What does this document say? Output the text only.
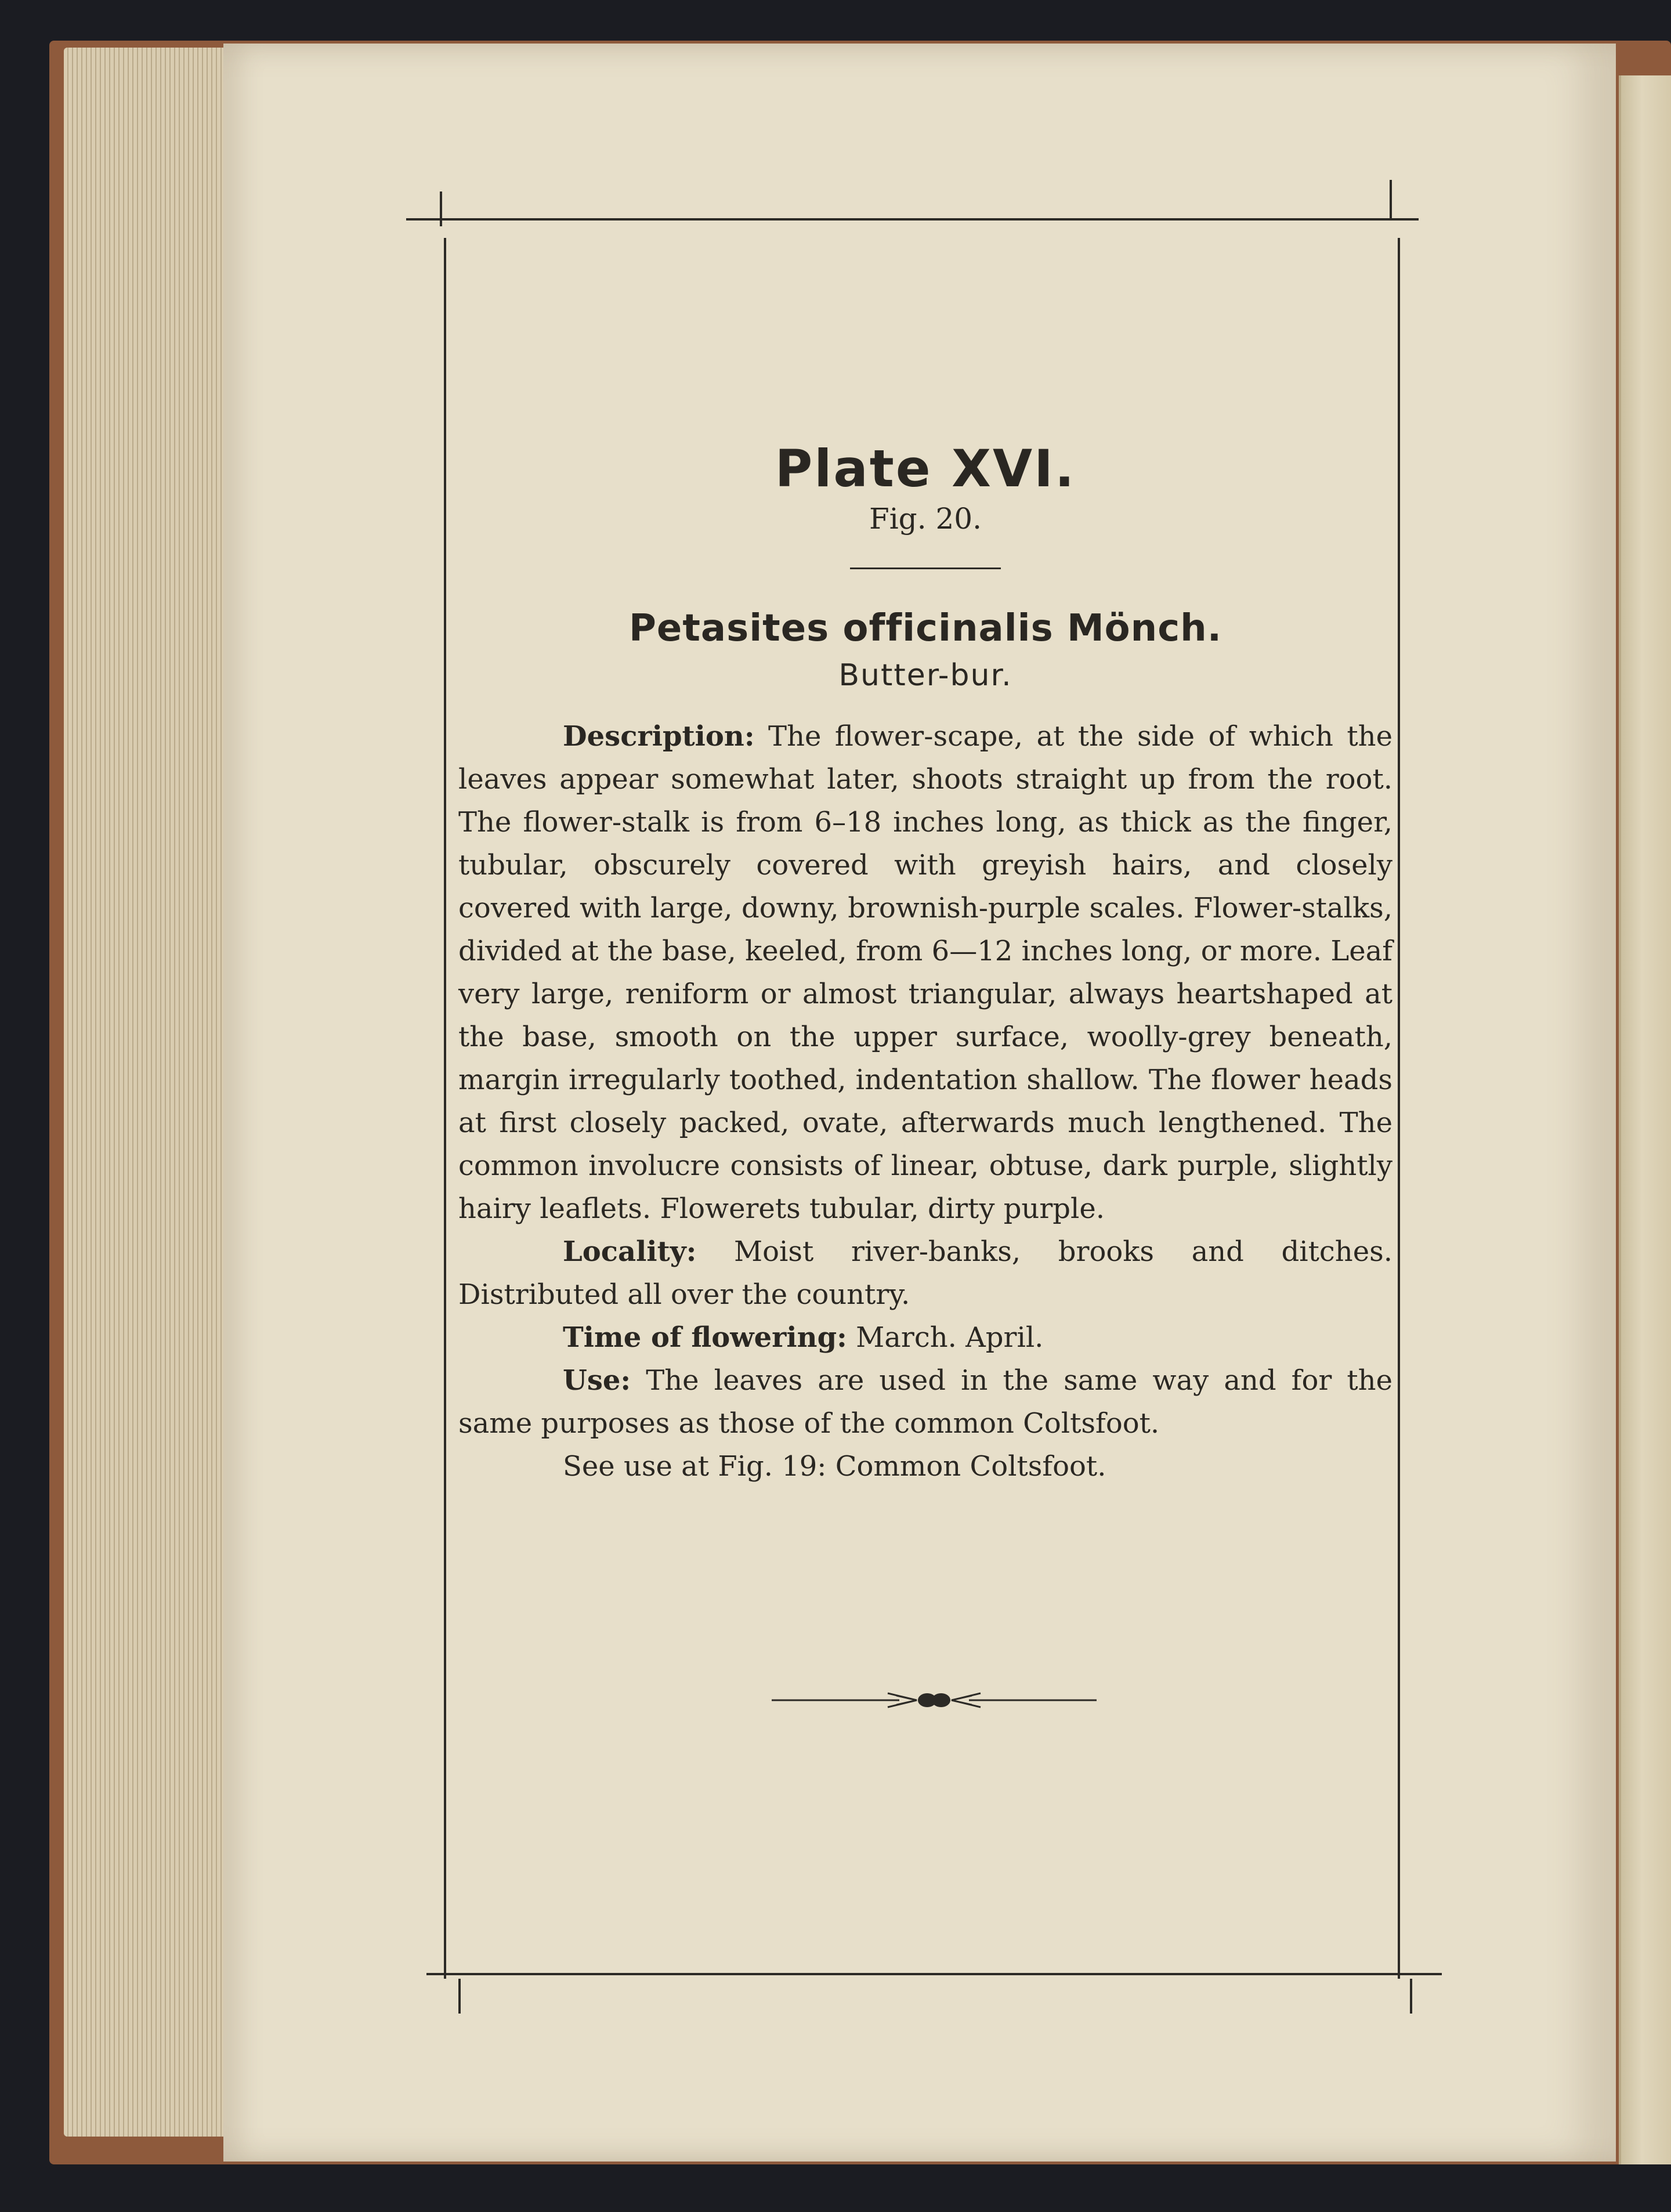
Plate XVI.

Fig. 20.

Petasites officinalis Mönch.

Butter-bur.

Description: The flower-scape, at the side of which the leaves appear somewhat later, shoots straight up from the root. The flower-stalk is from 6–18 inches long, as thick as the finger, tubular, obscurely covered with greyish hairs, and closely covered with large, downy, brownish-purple scales. Flower-stalks, divided at the base, keeled, from 6—12 inches long, or more. Leaf very large, reniform or almost triangular, always heartshaped at the base, smooth on the upper surface, woolly-grey beneath, margin irregularly toothed, indentation shallow. The flower heads at first closely packed, ovate, afterwards much lengthened. The common involucre consists of linear, obtuse, dark purple, slightly hairy leaflets. Flowerets tubular, dirty purple.

Locality: Moist river-banks, brooks and ditches. Distributed all over the country.

Time of flowering: March. April.

Use: The leaves are used in the same way and for the same purposes as those of the common Coltsfoot.

See use at Fig. 19: Common Coltsfoot.
